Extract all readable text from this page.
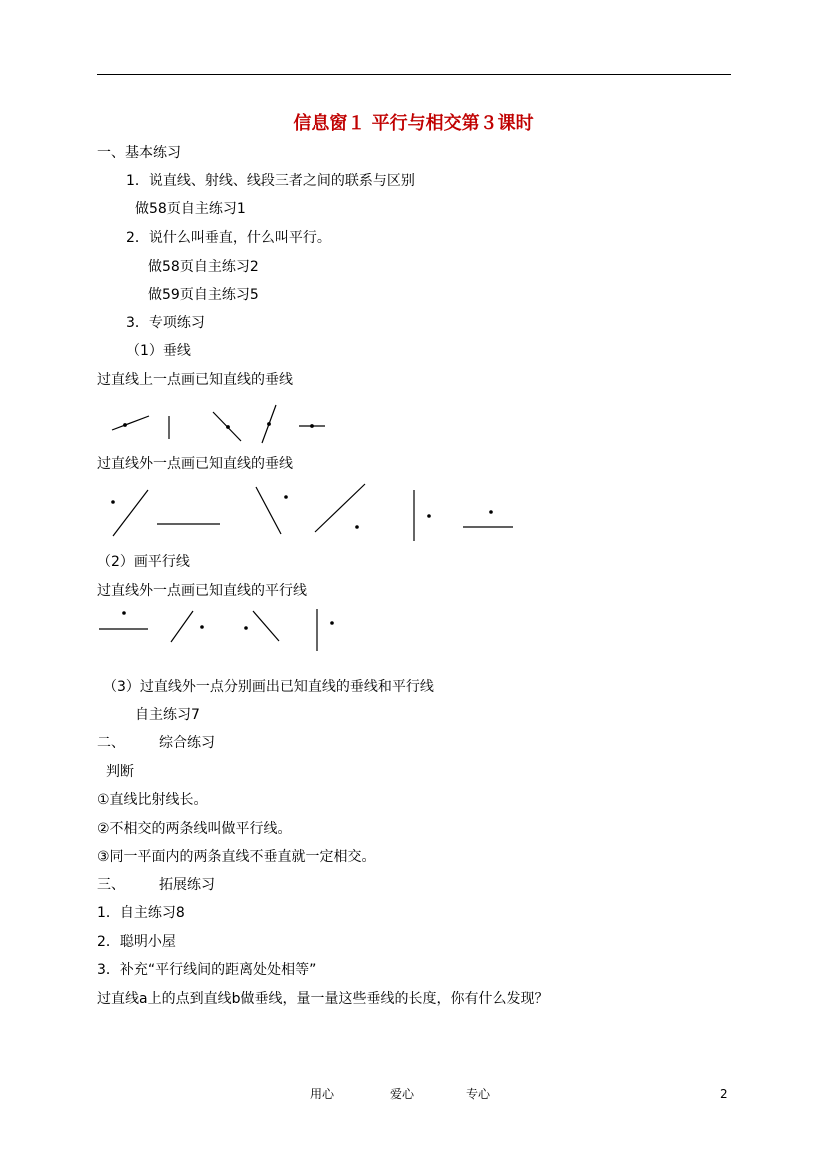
信息窗１ 平行与相交第３课时
一、基本练习
1．说直线、射线、线段三者之间的联系与区别
做58页自主练习1
2．说什么叫垂直，什么叫平行。
做58页自主练习2
做59页自主练习5
3．专项练习
（1）垂线
过直线上一点画已知直线的垂线
过直线外一点画已知直线的垂线
（2）画平行线
过直线外一点画已知直线的平行线
（3）过直线外一点分别画出已知直线的垂线和平行线
自主练习7
二、 综合练习
判断
①直线比射线长。
②不相交的两条线叫做平行线。
③同一平面内的两条直线不垂直就一定相交。
三、 拓展练习
1．自主练习8
2．聪明小屋
3．补充“平行线间的距离处处相等”
过直线a上的点到直线b做垂线，量一量这些垂线的长度，你有什么发现？
用心	爱心	专心	2
